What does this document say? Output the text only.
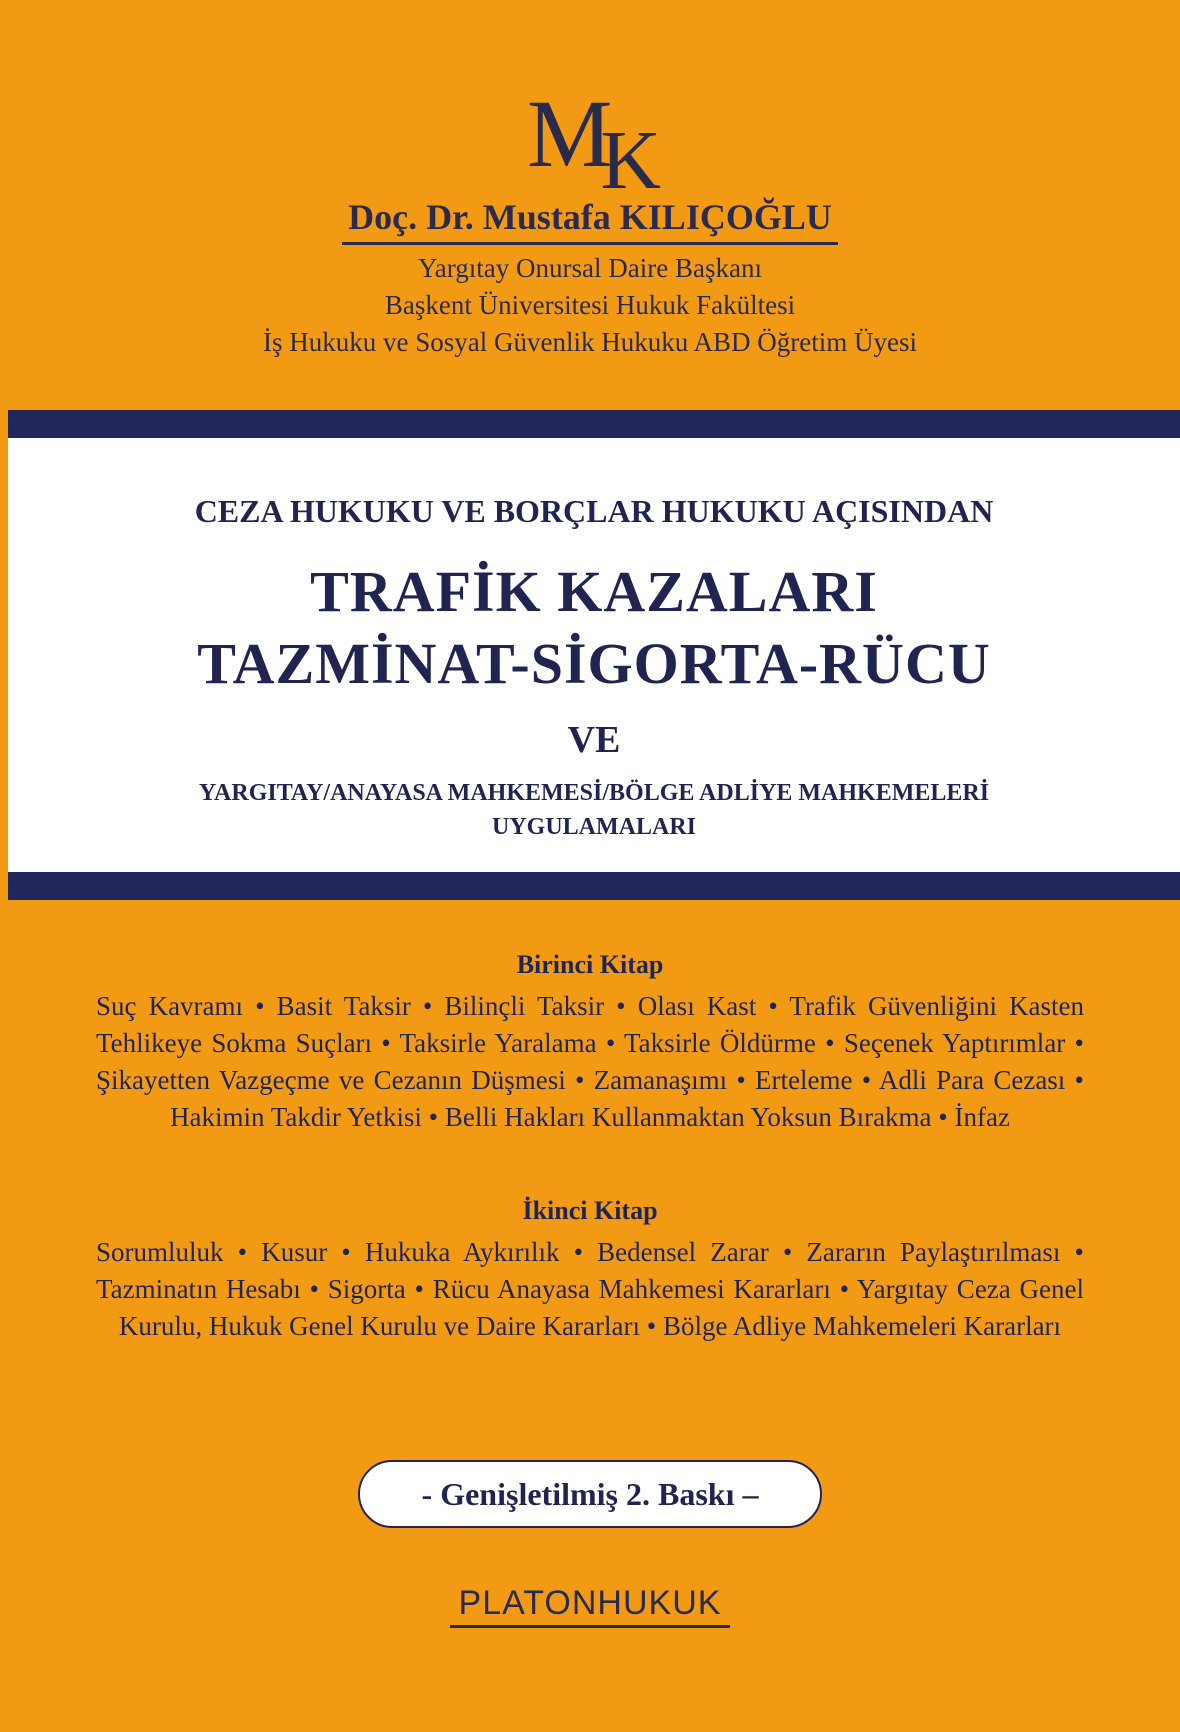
MK
Doç. Dr. Mustafa KILIÇOĞLU
Yargıtay Onursal Daire Başkanı
Başkent Üniversitesi Hukuk Fakültesi
İş Hukuku ve Sosyal Güvenlik Hukuku ABD Öğretim Üyesi
CEZA HUKUKU VE BORÇLAR HUKUKU AÇISINDAN
TRAFİK KAZALARI
TAZMİNAT-SİGORTA-RÜCU
VE
YARGITAY/ANAYASA MAHKEMESİ/BÖLGE ADLİYE MAHKEMELERİ
UYGULAMALARI
Birinci Kitap
Suç Kavramı • Basit Taksir • Bilinçli Taksir • Olası Kast • Trafik Güvenliğini Kasten Tehlikeye Sokma Suçları • Taksirle Yaralama • Taksirle Öldürme • Seçenek Yaptırımlar • Şikayetten Vazgeçme ve Cezanın Düşmesi • Zamanaşımı • Erteleme • Adli Para Cezası • Hakimin Takdir Yetkisi • Belli Hakları Kullanmaktan Yoksun Bırakma • İnfaz
İkinci Kitap
Sorumluluk • Kusur • Hukuka Aykırılık • Bedensel Zarar • Zararın Paylaştırılması • Tazminatın Hesabı • Sigorta • Rücu Anayasa Mahkemesi Kararları • Yargıtay Ceza Genel Kurulu, Hukuk Genel Kurulu ve Daire Kararları • Bölge Adliye Mahkemeleri Kararları
- Genişletilmiş 2. Baskı –
PLATONHUKUK
